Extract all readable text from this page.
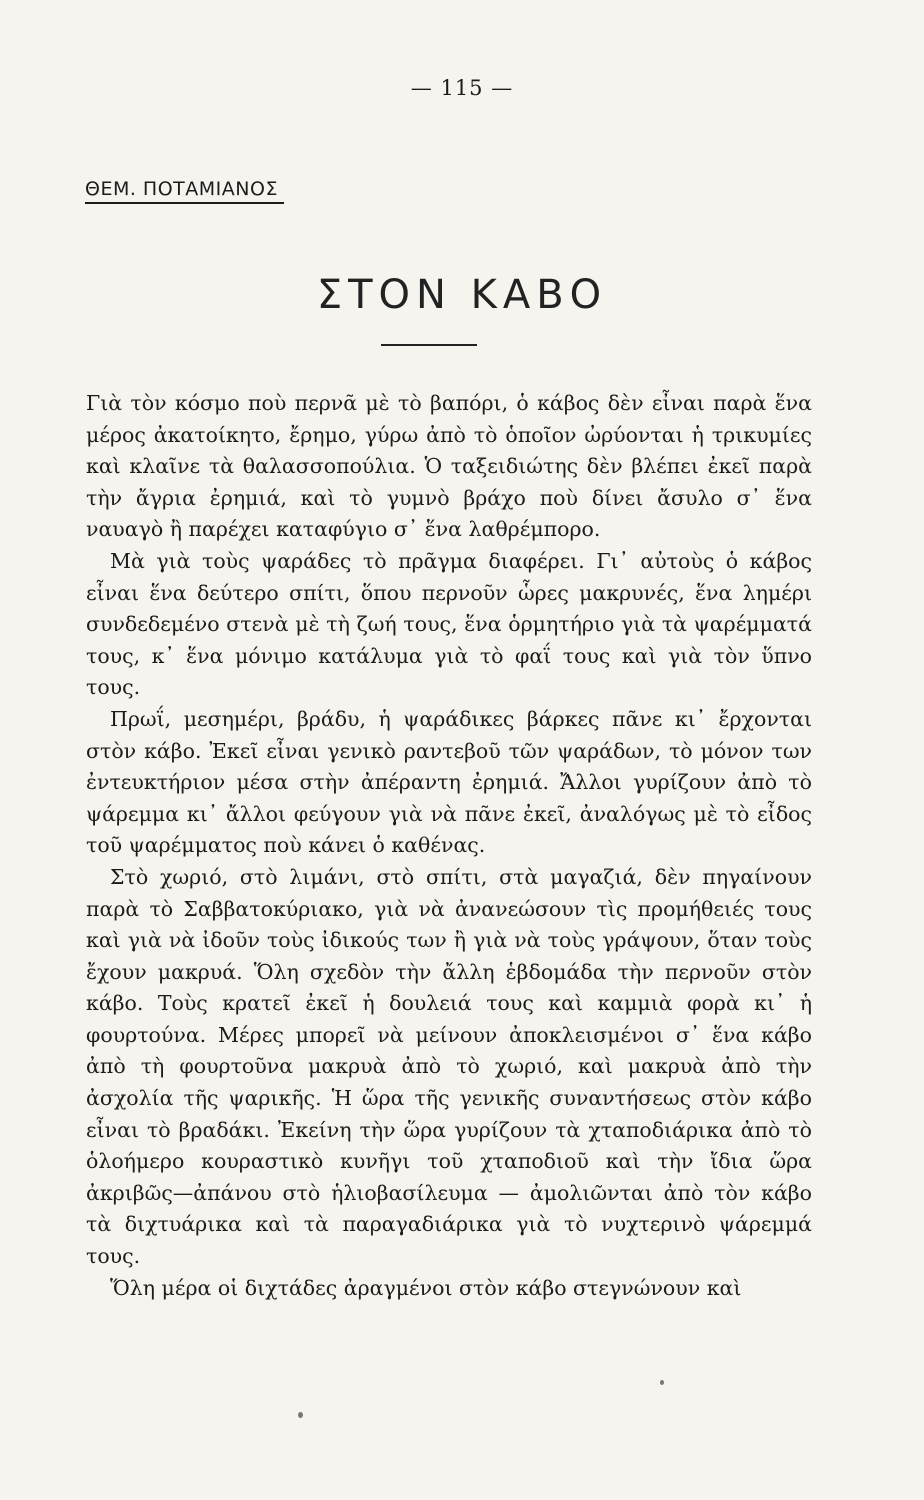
— 115 —
ΘΕΜ. ΠΟΤΑΜΙΑΝΟΣ
ΣΤΟΝ ΚΑΒΟ

Γιὰ τὸν κόσμο ποὺ περνᾶ μὲ τὸ βαπόρι, ὁ κάβος δὲν εἶναι παρὰ ἕνα μέρος ἀκατοίκητο, ἔρημο, γύρω ἀπὸ τὸ ὁποῖον ὠρύονται ἡ τρικυμίες καὶ κλαῖνε τὰ θαλασσοπούλια. Ὁ ταξειδιώτης δὲν βλέπει ἐκεῖ παρὰ τὴν ἄγρια ἐρημιά, καὶ τὸ γυμνὸ βράχο ποὺ δίνει ἄσυλο σ᾽ ἕνα ναυαγὸ ἢ παρέχει καταφύγιο σ᾽ ἕνα λαθρέμπορο.

Μὰ γιὰ τοὺς ψαράδες τὸ πρᾶγμα διαφέρει. Γι᾽ αὐτοὺς ὁ κάβος εἶναι ἕνα δεύτερο σπίτι, ὅπου περνοῦν ὧρες μακρυνές, ἕνα λημέρι συνδεδεμένο στενὰ μὲ τὴ ζωή τους, ἕνα ὁρμητήριο γιὰ τὰ ψαρέμματά τους, κ᾽ ἕνα μόνιμο κατάλυμα γιὰ τὸ φαΐ τους καὶ γιὰ τὸν ὕπνο τους.

Πρωΐ, μεσημέρι, βράδυ, ἡ ψαράδικες βάρκες πᾶνε κι᾽ ἔρχονται στὸν κάβο. Ἐκεῖ εἶναι γενικὸ ραντεβοῦ τῶν ψαράδων, τὸ μόνον των ἐντευκτήριον μέσα στὴν ἀπέραντη ἐρημιά. Ἄλλοι γυρίζουν ἀπὸ τὸ ψάρεμμα κι᾽ ἄλλοι φεύγουν γιὰ νὰ πᾶνε ἐκεῖ, ἀναλόγως μὲ τὸ εἶδος τοῦ ψαρέμματος ποὺ κάνει ὁ καθένας.

Στὸ χωριό, στὸ λιμάνι, στὸ σπίτι, στὰ μαγαζιά, δὲν πηγαίνουν παρὰ τὸ Σαββατοκύριακο, γιὰ νὰ ἀνανεώσουν τὶς προμήθειές τους καὶ γιὰ νὰ ἰδοῦν τοὺς ἰδικούς των ἢ γιὰ νὰ τοὺς γράψουν, ὅταν τοὺς ἔχουν μακρυά. Ὅλη σχεδὸν τὴν ἄλλη ἑβδομάδα τὴν περνοῦν στὸν κάβο. Τοὺς κρατεῖ ἐκεῖ ἡ δουλειά τους καὶ καμμιὰ φορὰ κι᾽ ἡ φουρτούνα. Μέρες μπορεῖ νὰ μείνουν ἀποκλεισμένοι σ᾽ ἕνα κάβο ἀπὸ τὴ φουρτοῦνα μακρυὰ ἀπὸ τὸ χωριό, καὶ μακρυὰ ἀπὸ τὴν ἀσχολία τῆς ψαρικῆς. Ἡ ὥρα τῆς γενικῆς συναντήσεως στὸν κάβο εἶναι τὸ βραδάκι. Ἐκείνη τὴν ὥρα γυρίζουν τὰ χταποδιάρικα ἀπὸ τὸ ὁλοήμερο κουραστικὸ κυνῆγι τοῦ χταποδιοῦ καὶ τὴν ἴδια ὥρα ἀκριβῶς—ἀπάνου στὸ ἡλιοβασίλευμα — ἀμολιῶνται ἀπὸ τὸν κάβο τὰ διχτυάρικα καὶ τὰ παραγαδιάρικα γιὰ τὸ νυχτερινὸ ψάρεμμά τους.

Ὅλη μέρα οἱ διχτάδες ἀραγμένοι στὸν κάβο στεγνώνουν καὶ
